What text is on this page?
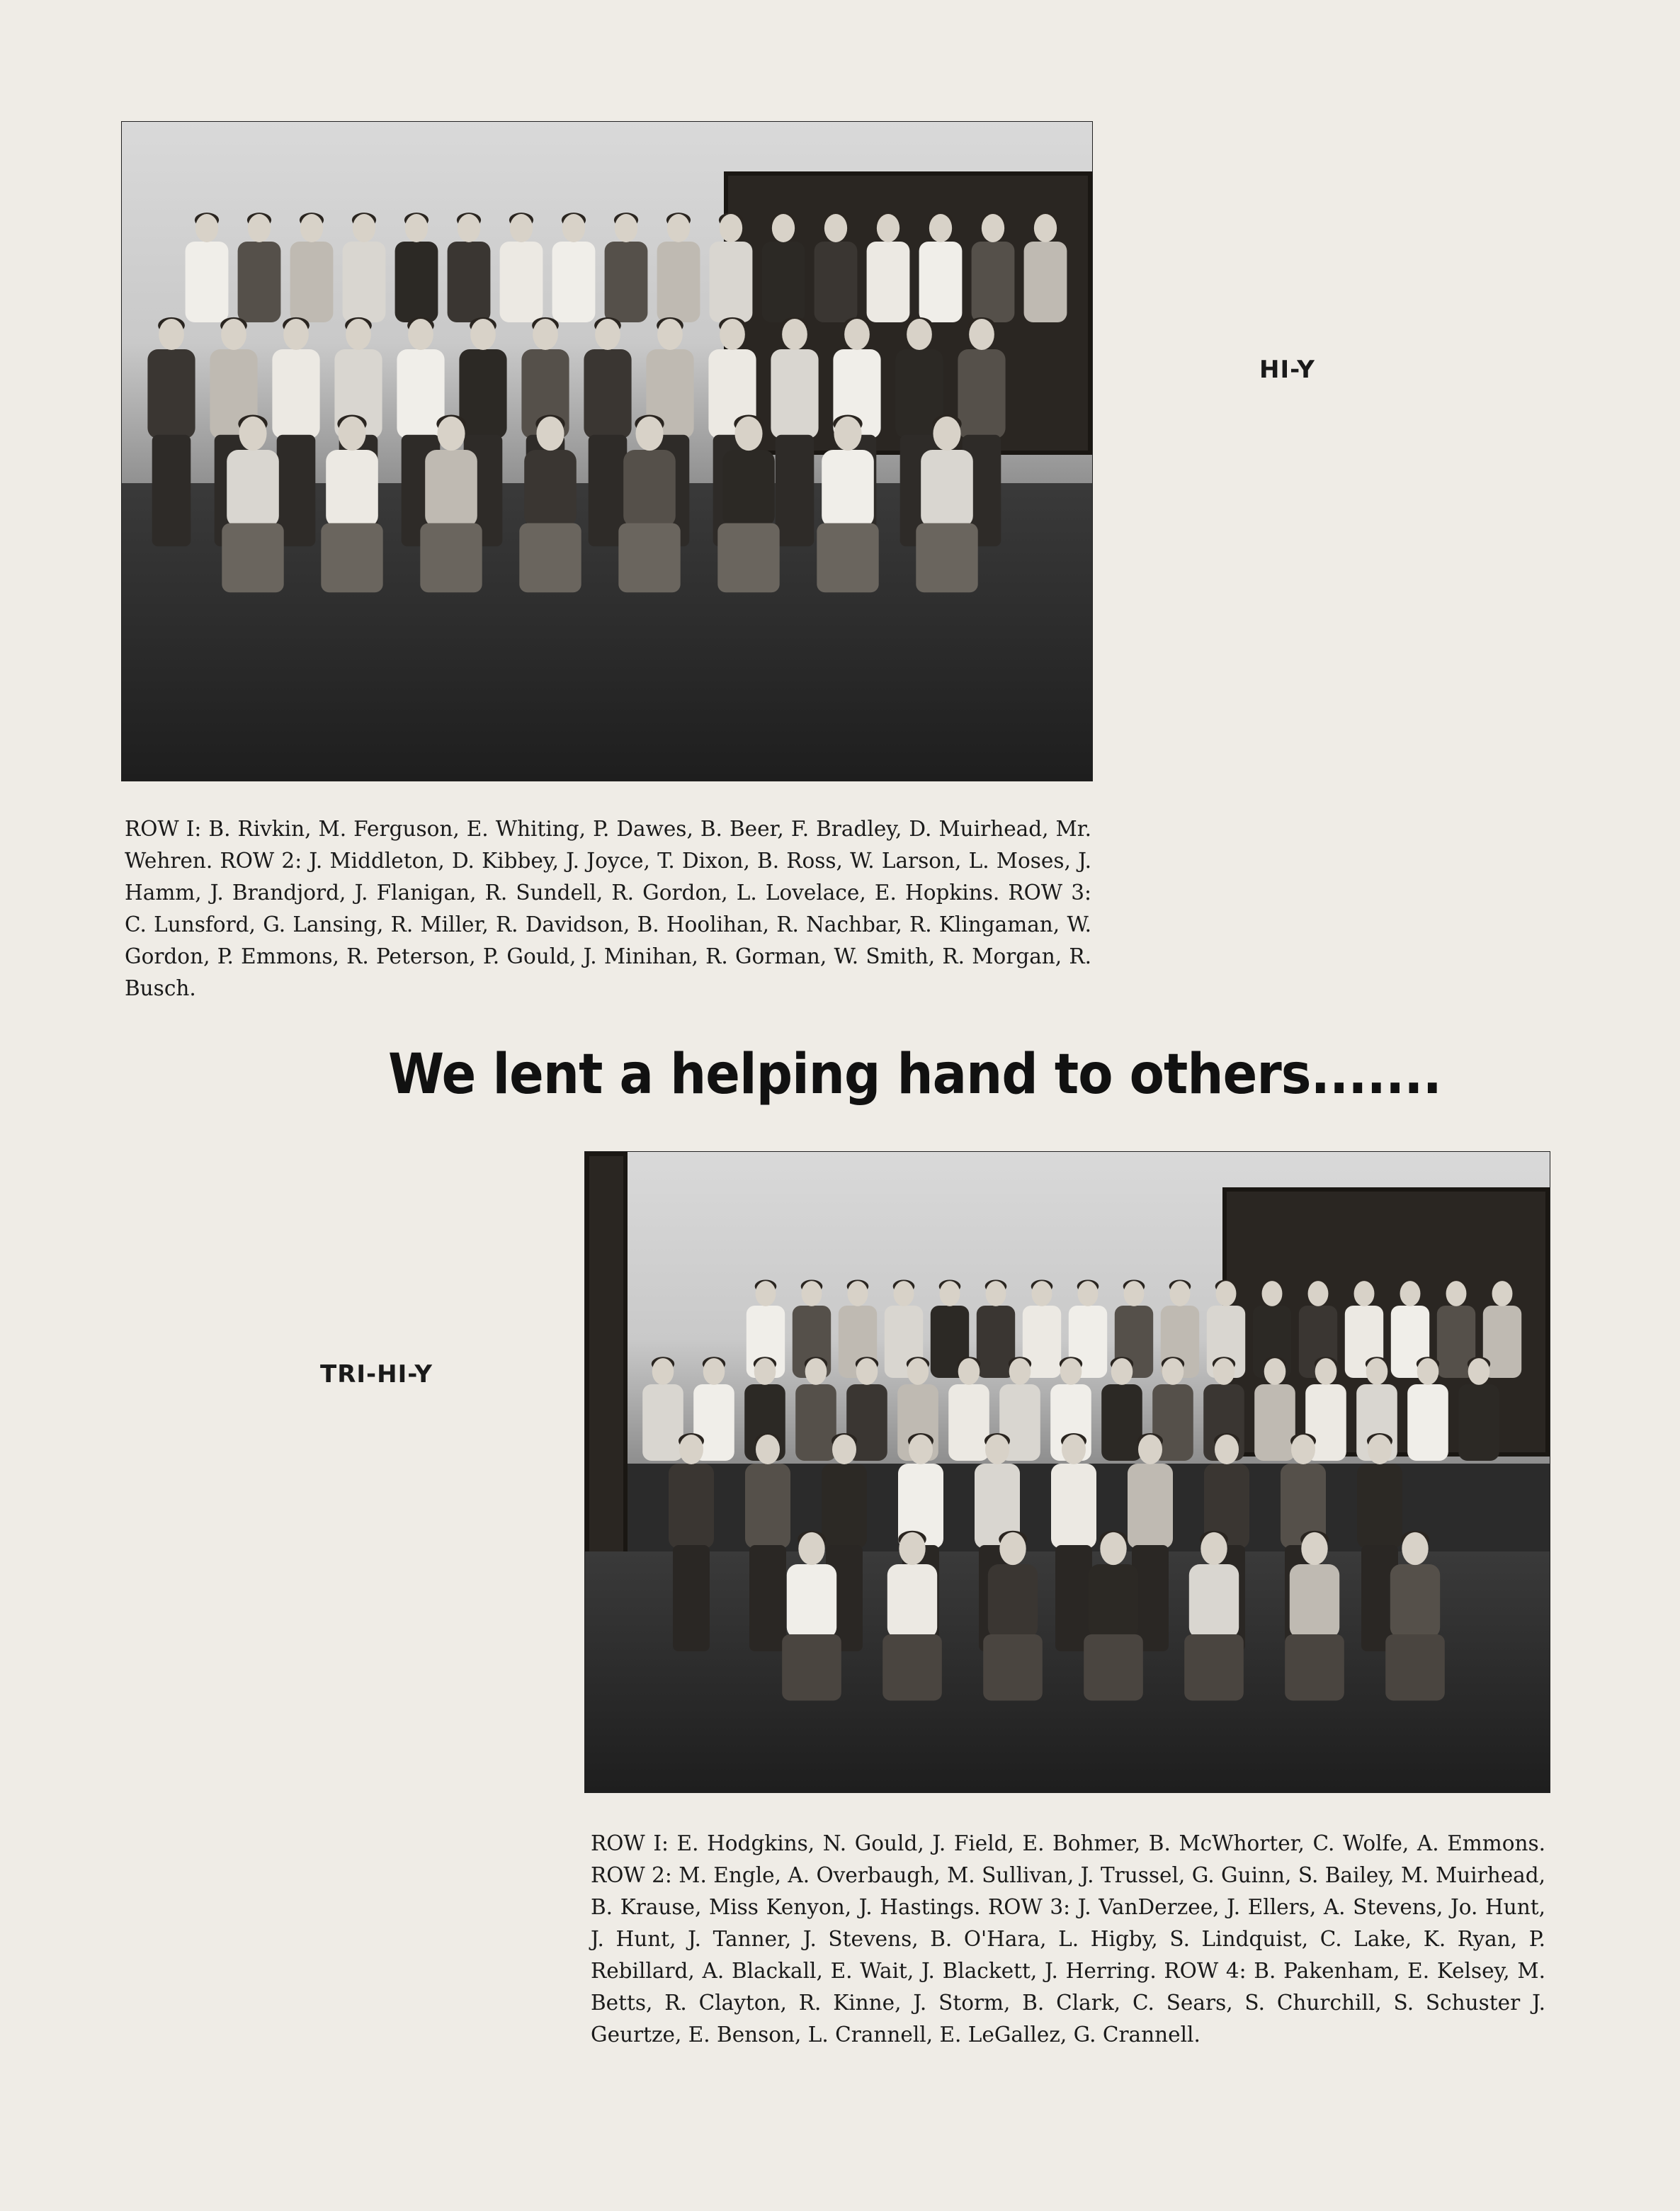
HI-Y

ROW I: B. Rivkin, M. Ferguson, E. Whiting, P. Dawes, B. Beer, F. Bradley, D. Muirhead, Mr. Wehren. ROW 2: J. Middleton, D. Kibbey, J. Joyce, T. Dixon, B. Ross, W. Larson, L. Moses, J. Hamm, J. Brandjord, J. Flanigan, R. Sundell, R. Gordon, L. Lovelace, E. Hopkins. ROW 3: C. Lunsford, G. Lansing, R. Miller, R. Davidson, B. Hoolihan, R. Nachbar, R. Klingaman, W. Gordon, P. Emmons, R. Peterson, P. Gould, J. Minihan, R. Gorman, W. Smith, R. Morgan, R. Busch.

We lent a helping hand to others.......
TRI-HI-Y

ROW I: E. Hodgkins, N. Gould, J. Field, E. Bohmer, B. McWhorter, C. Wolfe, A. Emmons. ROW 2: M. Engle, A. Overbaugh, M. Sullivan, J. Trussel, G. Guinn, S. Bailey, M. Muirhead, B. Krause, Miss Kenyon, J. Hastings. ROW 3: J. VanDerzee, J. Ellers, A. Stevens, Jo. Hunt, J. Hunt, J. Tanner, J. Stevens, B. O'Hara, L. Higby, S. Lindquist, C. Lake, K. Ryan, P. Rebillard, A. Blackall, E. Wait, J. Blackett, J. Herring. ROW 4: B. Pakenham, E. Kelsey, M. Betts, R. Clayton, R. Kinne, J. Storm, B. Clark, C. Sears, S. Churchill, S. Schuster J. Geurtze, E. Benson, L. Crannell, E. LeGallez, G. Crannell.
